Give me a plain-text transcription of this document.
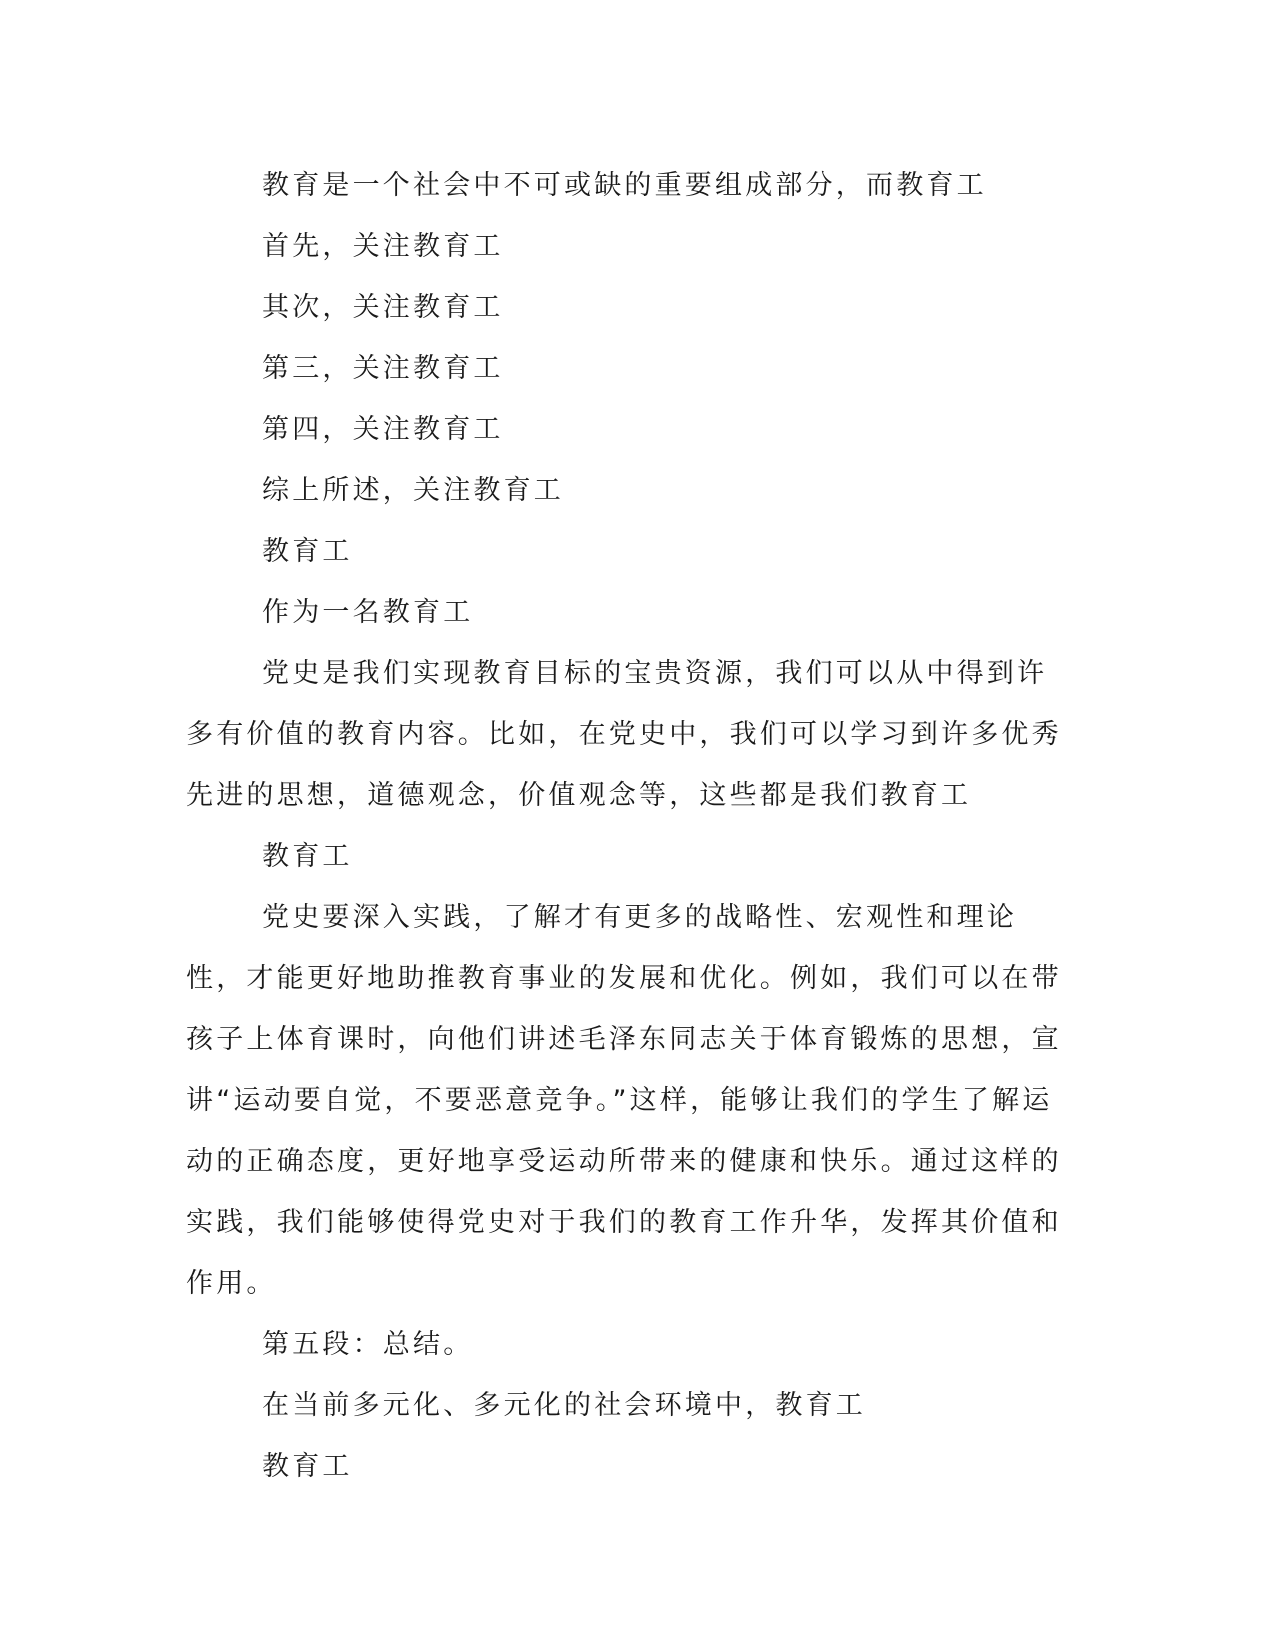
教育是一个社会中不可或缺的重要组成部分，而教育工

首先，关注教育工

其次，关注教育工

第三，关注教育工

第四，关注教育工

综上所述，关注教育工

教育工

作为一名教育工

党史是我们实现教育目标的宝贵资源，我们可以从中得到许多有价值的教育内容。比如，在党史中，我们可以学习到许多优秀先进的思想，道德观念，价值观念等，这些都是我们教育工

教育工

党史要深入实践，了解才有更多的战略性、宏观性和理论性，才能更好地助推教育事业的发展和优化。例如，我们可以在带孩子上体育课时，向他们讲述毛泽东同志关于体育锻炼的思想，宣讲“运动要自觉，不要恶意竞争。”这样，能够让我们的学生了解运动的正确态度，更好地享受运动所带来的健康和快乐。通过这样的实践，我们能够使得党史对于我们的教育工作升华，发挥其价值和作用。

第五段：总结。

在当前多元化、多元化的社会环境中，教育工

教育工
